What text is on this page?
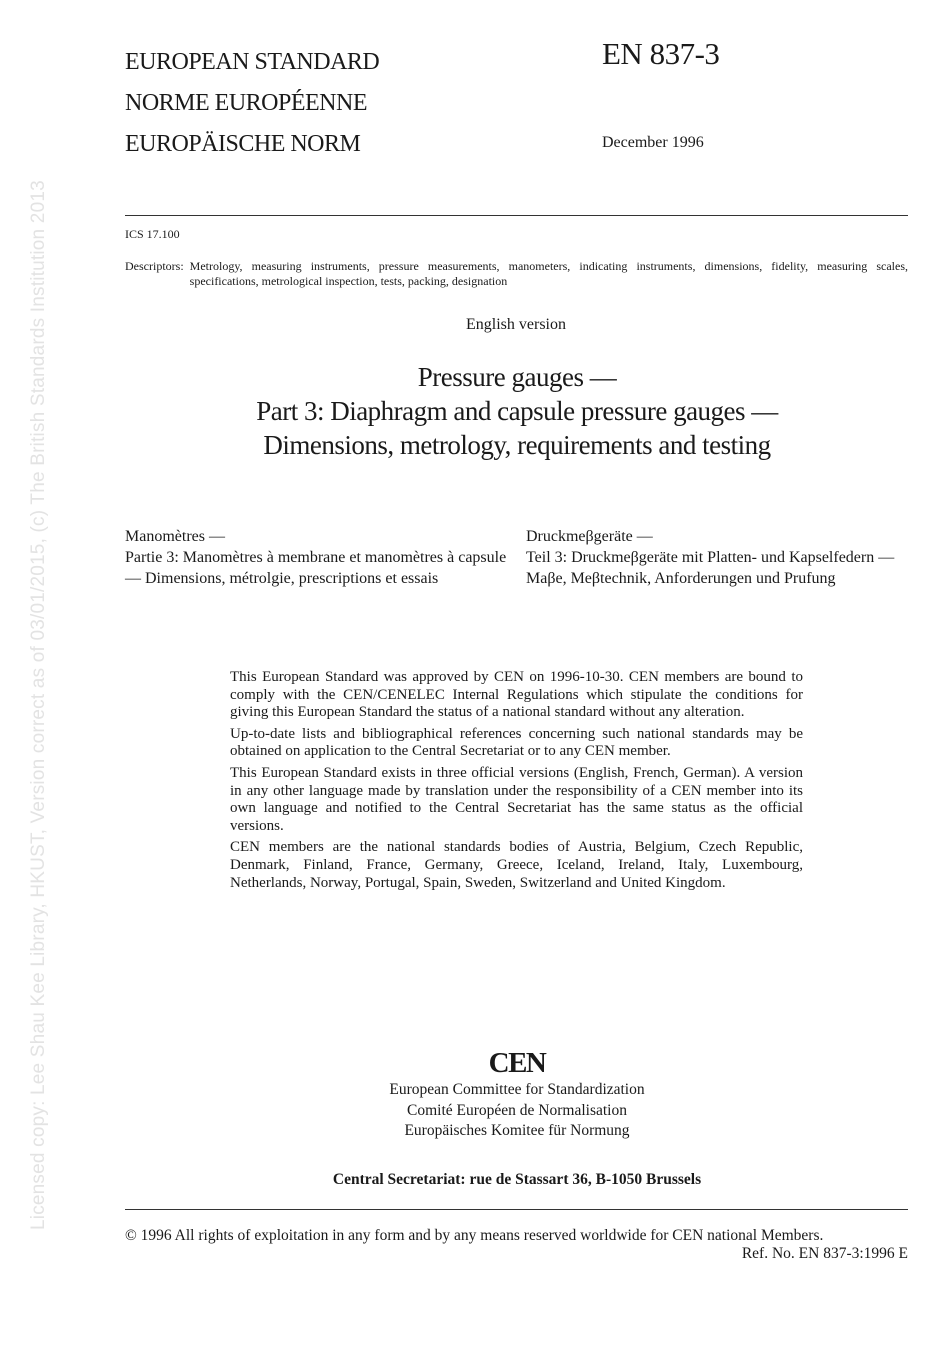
Licensed copy: Lee Shau Kee Library, HKUST, Version correct as of 03/01/2015, (c) The British Standards Institution 2013
EUROPEAN STANDARD
NORME EUROPÉENNE
EUROPÄISCHE NORM
EN 837-3
December 1996
ICS 17.100
Descriptors: Metrology, measuring instruments, pressure measurements, manometers, indicating instruments, dimensions, fidelity, measuring scales, specifications, metrological inspection, tests, packing, designation
English version
Pressure gauges —
Part 3: Diaphragm and capsule pressure gauges —
Dimensions, metrology, requirements and testing
Manomètres —
Partie 3: Manomètres à membrane et manomètres à capsule — Dimensions, métrolgie, prescriptions et essais
Druckmeβgeräte —
Teil 3: Druckmeβgeräte mit Platten- und Kapselfedern — Maβe, Meβtechnik, Anforderungen und Prufung

This European Standard was approved by CEN on 1996-10-30. CEN members are bound to comply with the CEN/CENELEC Internal Regulations which stipulate the conditions for giving this European Standard the status of a national standard without any alteration.

Up-to-date lists and bibliographical references concerning such national standards may be obtained on application to the Central Secretariat or to any CEN member.

This European Standard exists in three official versions (English, French, German). A version in any other language made by translation under the responsibility of a CEN member into its own language and notified to the Central Secretariat has the same status as the official versions.

CEN members are the national standards bodies of Austria, Belgium, Czech Republic, Denmark, Finland, France, Germany, Greece, Iceland, Ireland, Italy, Luxembourg, Netherlands, Norway, Portugal, Spain, Sweden, Switzerland and United Kingdom.

CEN
European Committee for Standardization
Comité Européen de Normalisation
Europäisches Komitee für Normung
Central Secretariat: rue de Stassart 36, B-1050 Brussels
© 1996 All rights of exploitation in any form and by any means reserved worldwide for CEN national Members.
Ref. No. EN 837-3:1996 E
